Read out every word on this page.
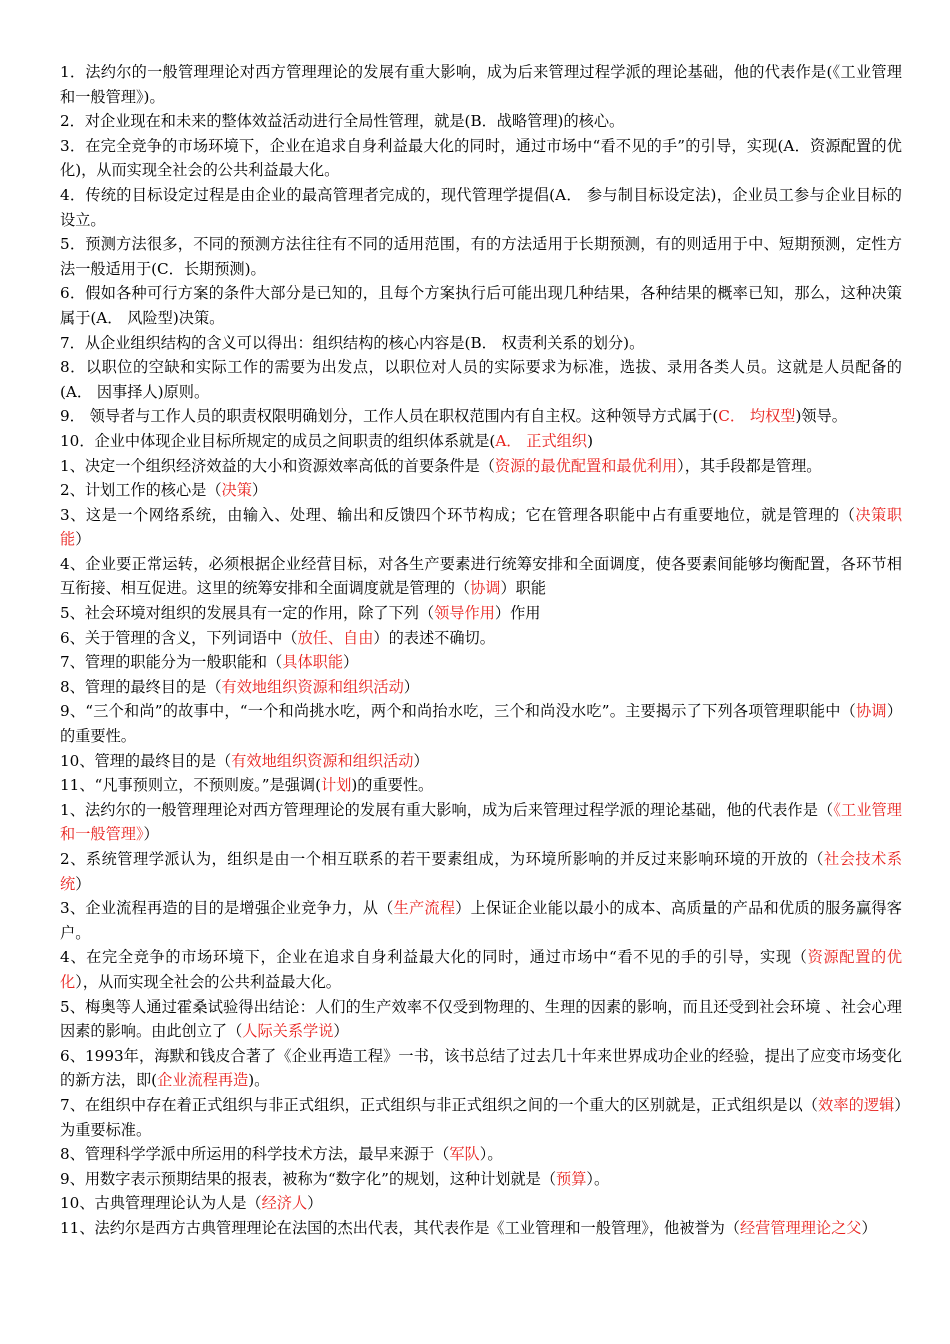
1．法约尔的一般管理理论对西方管理理论的发展有重大影响，成为后来管理过程学派的理论基础，他的代表作是(《工业管理和一般管理》)。

2．对企业现在和未来的整体效益活动进行全局性管理，就是(B．战略管理)的核心。

3．在完全竞争的市场环境下，企业在追求自身利益最大化的同时，通过市场中“看不见的手”的引导，实现(A．资源配置的优化)，从而实现全社会的公共利益最大化。

4．传统的目标设定过程是由企业的最高管理者完成的，现代管理学提倡(A． 参与制目标设定法)，企业员工参与企业目标的设立。

5．预测方法很多，不同的预测方法往往有不同的适用范围，有的方法适用于长期预测，有的则适用于中、短期预测，定性方法一般适用于(C．长期预测)。

6．假如各种可行方案的条件大部分是已知的，且每个方案执行后可能出现几种结果，各种结果的概率已知，那么，这种决策属于(A． 风险型)决策。

7．从企业组织结构的含义可以得出：组织结构的核心内容是(B． 权责利关系的划分)。

8．以职位的空缺和实际工作的需要为出发点，以职位对人员的实际要求为标准，选拔、录用各类人员。这就是人员配备的(A． 因事择人)原则。

9． 领导者与工作人员的职责权限明确划分，工作人员在职权范围内有自主权。这种领导方式属于(C． 均权型)领导。

10．企业中体现企业目标所规定的成员之间职责的组织体系就是(A． 正式组织)

1、决定一个组织经济效益的大小和资源效率高低的首要条件是（资源的最优配置和最优利用），其手段都是管理。

2、计划工作的核心是（决策）

3、这是一个网络系统，由输入、处理、输出和反馈四个环节构成；它在管理各职能中占有重要地位，就是管理的（决策职能）

4、企业要正常运转，必须根据企业经营目标，对各生产要素进行统筹安排和全面调度，使各要素间能够均衡配置，各环节相互衔接、相互促进。这里的统筹安排和全面调度就是管理的（协调）职能

5、社会环境对组织的发展具有一定的作用，除了下列（领导作用）作用

6、关于管理的含义，下列词语中（放任、自由）的表述不确切。

7、管理的职能分为一般职能和（具体职能）

8、管理的最终目的是（有效地组织资源和组织活动）

9、“三个和尚”的故事中，“一个和尚挑水吃，两个和尚抬水吃，三个和尚没水吃”。主要揭示了下列各项管理职能中（协调）的重要性。

10、管理的最终目的是（有效地组织资源和组织活动）

11、“凡事预则立，不预则废。”是强调(计划)的重要性。

1、法约尔的一般管理理论对西方管理理论的发展有重大影响，成为后来管理过程学派的理论基础，他的代表作是（《工业管理和一般管理》）

2、系统管理学派认为，组织是由一个相互联系的若干要素组成，为环境所影响的并反过来影响环境的开放的（社会技术系统）

3、企业流程再造的目的是增强企业竞争力，从（生产流程）上保证企业能以最小的成本、高质量的产品和优质的服务赢得客户。

4、在完全竞争的市场环境下，企业在追求自身利益最大化的同时，通过市场中“看不见的手的引导，实现（资源配置的优化），从而实现全社会的公共利益最大化。

5、梅奥等人通过霍桑试验得出结论：人们的生产效率不仅受到物理的、生理的因素的影响，而且还受到社会环境 、社会心理因素的影响。由此创立了（人际关系学说）

6、1993年，海默和钱皮合著了《企业再造工程》一书，该书总结了过去几十年来世界成功企业的经验，提出了应变市场变化的新方法，即(企业流程再造)。

7、在组织中存在着正式组织与非正式组织，正式组织与非正式组织之间的一个重大的区别就是，正式组织是以（效率的逻辑）为重要标准。

8、管理科学学派中所运用的科学技术方法，最早来源于（军队）。

9、用数字表示预期结果的报表，被称为“数字化”的规划，这种计划就是（预算）。

10、古典管理理论认为人是（经济人）

11、法约尔是西方古典管理理论在法国的杰出代表，其代表作是《工业管理和一般管理》，他被誉为（经营管理理论之父）
